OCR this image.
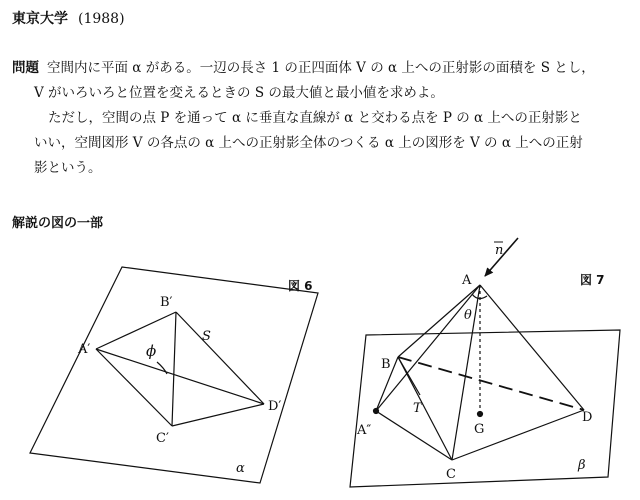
東京大学 (1988)

問題 空間内に平面 α がある。一辺の長さ 1 の正四面体 V の α 上への正射影の面積を S とし，

V がいろいろと位置を変えるときの S の最大値と最小値を求めよ。

ただし，空間の点 P を通って α に垂直な直線が α と交わる点を P の α 上への正射影と

いい，空間図形 V の各点の α 上への正射影全体のつくる α 上の図形を V の α 上への正射

影という。

解説の図の一部
図 6
A′
B′
C′
D′
S
ϕ
α
図 7
n
A
θ
B
T
A″	G
C
D
β
